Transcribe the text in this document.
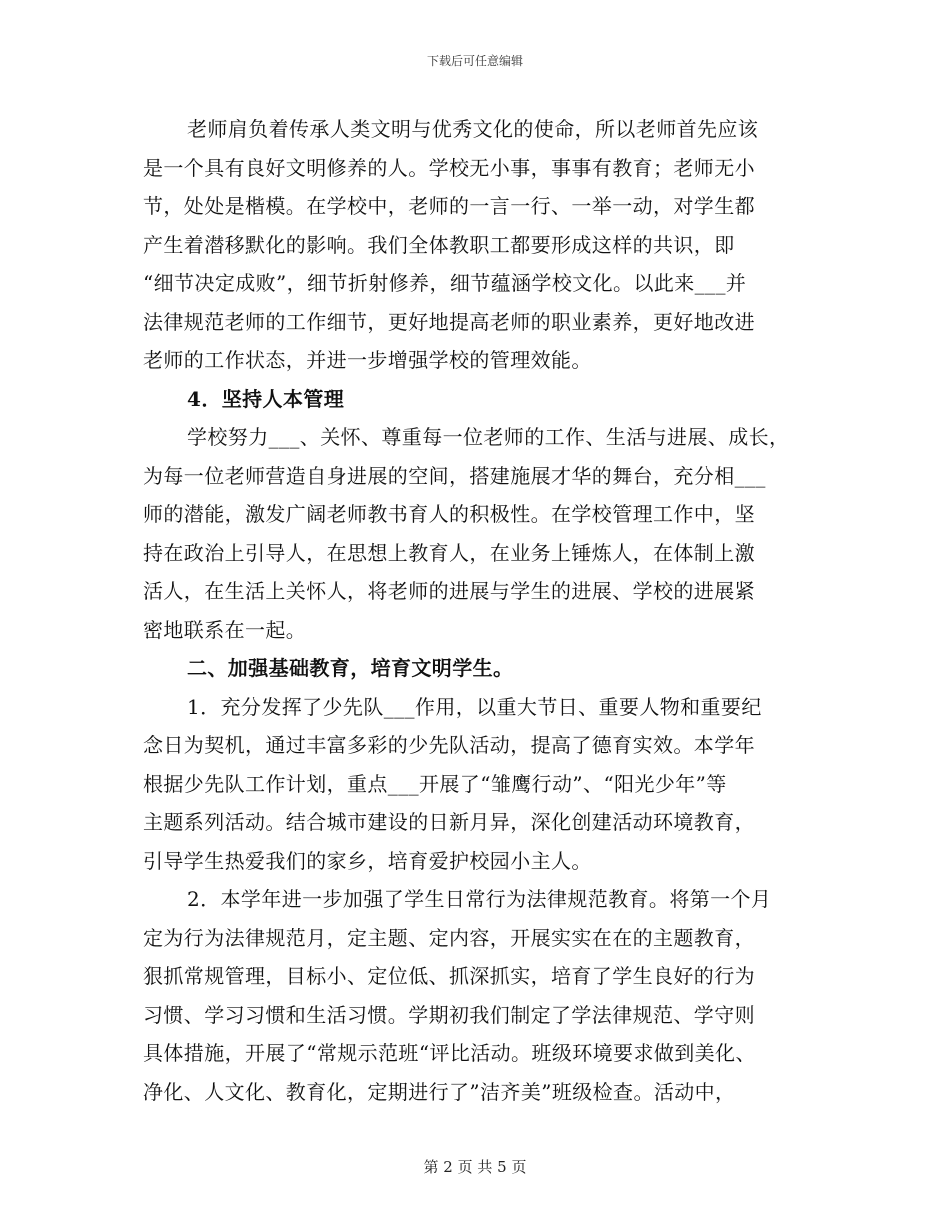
下载后可任意编辑
老师肩负着传承人类文明与优秀文化的使命，所以老师首先应该
是一个具有良好文明修养的人。学校无小事，事事有教育；老师无小
节，处处是楷模。在学校中，老师的一言一行、一举一动，对学生都
产生着潜移默化的影响。我们全体教职工都要形成这样的共识，即
“细节决定成败”，细节折射修养，细节蕴涵学校文化。以此来___并
法律规范老师的工作细节，更好地提高老师的职业素养，更好地改进
老师的工作状态，并进一步增强学校的管理效能。
4．坚持人本管理
学校努力___、关怀、尊重每一位老师的工作、生活与进展、成长，
为每一位老师营造自身进展的空间，搭建施展才华的舞台，充分相___
师的潜能，激发广阔老师教书育人的积极性。在学校管理工作中，坚
持在政治上引导人，在思想上教育人，在业务上锤炼人，在体制上激
活人，在生活上关怀人，将老师的进展与学生的进展、学校的进展紧
密地联系在一起。
二、加强基础教育，培育文明学生。
1．充分发挥了少先队___作用，以重大节日、重要人物和重要纪
念日为契机，通过丰富多彩的少先队活动，提高了德育实效。本学年
根据少先队工作计划，重点___开展了“雏鹰行动”、“阳光少年”等
主题系列活动。结合城市建设的日新月异，深化创建活动环境教育，
引导学生热爱我们的家乡，培育爱护校园小主人。
2．本学年进一步加强了学生日常行为法律规范教育。将第一个月
定为行为法律规范月，定主题、定内容，开展实实在在的主题教育，
狠抓常规管理，目标小、定位低、抓深抓实，培育了学生良好的行为
习惯、学习习惯和生活习惯。学期初我们制定了学法律规范、学守则
具体措施，开展了“常规示范班“评比活动。班级环境要求做到美化、
净化、人文化、教育化，定期进行了”洁齐美”班级检查。活动中，
第 2 页 共 5 页
